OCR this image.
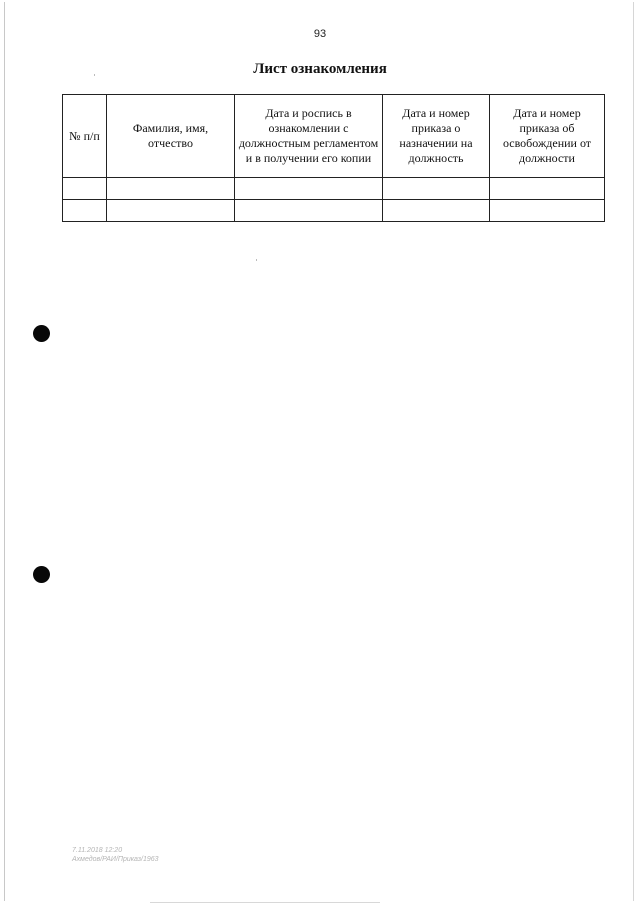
93
Лист ознакомления
№ п/п	Фамилия, имя, отчество	Дата и роспись в ознакомлении с должностным регламентом и в получении его копии	Дата и номер приказа о назначении на должность	Дата и номер приказа об освобождении от должности

7.11.2018 12:20
Ахмедов/РАИ/Приказ/1963
